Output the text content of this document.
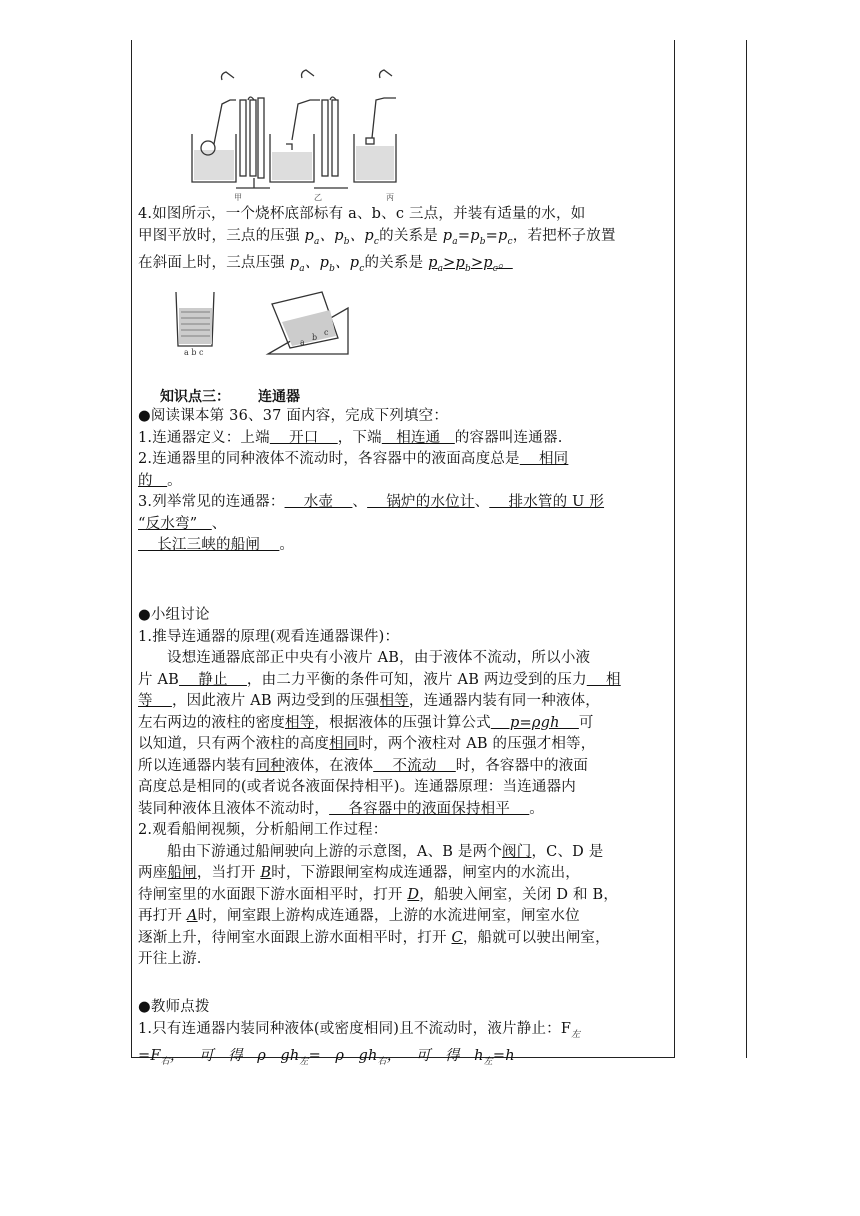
甲	乙	丙
4.如图所示，一个烧杯底部标有 a、b、c 三点，并装有适量的水，如
甲图平放时，三点的压强 $p_a$、$p_b$、$p_c$的关系是 $p_a=p_b=p_c$，若把杯子放置
在斜面上时，三点压强 $p_a$、$p_b$、$p_c$的关系是 $p_a>p_b>p_c$。
a b c
a
b
c
知识点三： 连通器
●阅读课本第 36、37 面内容，完成下列填空：
1.连通器定义：上端    开口    ，下端   相连通   的容器叫连通器.
2.连通器里的同种液体不流动时，各容器中的液面高度总是    相同
的   。
3.列举常见的连通器：    水壶    、    锅炉的水位计、    排水管的 U 形
“反水弯”   、
长江三峡的船闸    。
●小组讨论
1.推导连通器的原理(观看连通器课件)：
设想连通器底部正中央有小液片 AB，由于液体不流动，所以小液
片 AB    静止    ，由二力平衡的条件可知，液片 AB 两边受到的压力    相
等    ，因此液片 AB 两边受到的压强相等，连通器内装有同一种液体，
左右两边的液柱的密度相等，根据液体的压强计算公式    p=ρgh    可
以知道，只有两个液柱的高度相同时，两个液柱对 AB 的压强才相等，
所以连通器内装有同种液体，在液体    不流动    时，各容器中的液面
高度总是相同的(或者说各液面保持相平)。连通器原理：当连通器内
装同种液体且液体不流动时，    各容器中的液面保持相平    。
2.观看船闸视频，分析船闸工作过程：
船由下游通过船闸驶向上游的示意图，A、B 是两个阀门，C、D 是
两座船闸，当打开 B时，下游跟闸室构成连通器，闸室内的水流出，
待闸室里的水面跟下游水面相平时，打开 D，船驶入闸室，关闭 D 和 B，
再打开 A时，闸室跟上游构成连通器，上游的水流进闸室，闸室水位
逐渐上升，待闸室水面跟上游水面相平时，打开 C，船就可以驶出闸室，
开往上游.
●教师点拨
1.只有连通器内装同种液体(或密度相同)且不流动时，液片静止：$F_左$
$=F_右$，   可   得   ρ   $gh_左= \rho$   $gh_右$，   可   得   $h_左=h$
